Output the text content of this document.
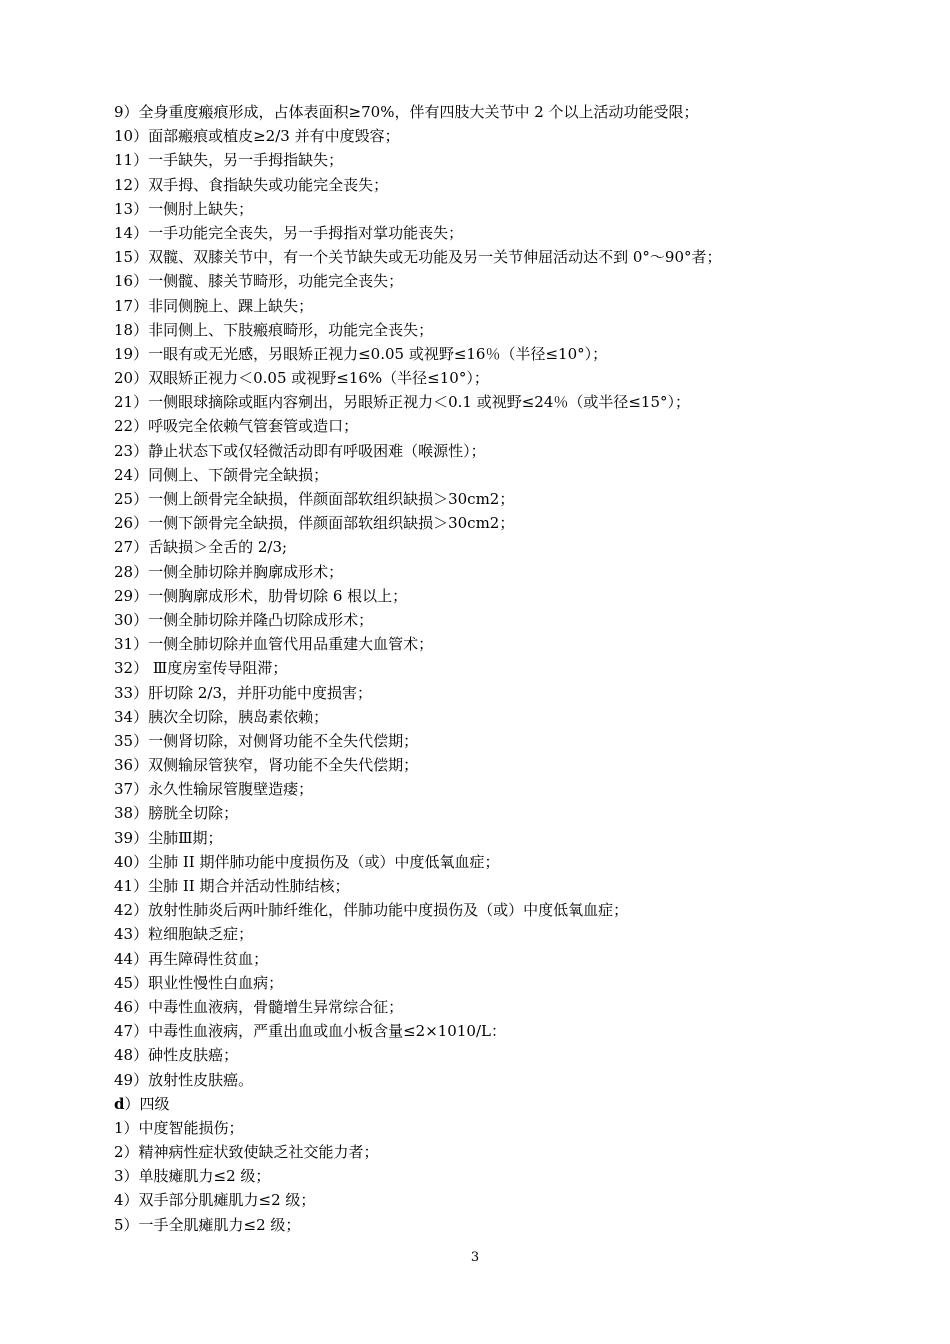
9）全身重度瘢痕形成，占体表面积≥70%，伴有四肢大关节中 2 个以上活动功能受限；
10）面部瘢痕或植皮≥2/3 并有中度毁容；
11）一手缺失，另一手拇指缺失；
12）双手拇、食指缺失或功能完全丧失；
13）一侧肘上缺失；
14）一手功能完全丧失，另一手拇指对掌功能丧失；
15）双髋、双膝关节中，有一个关节缺失或无功能及另一关节伸屈活动达不到 0°～90°者；
16）一侧髋、膝关节畸形，功能完全丧失；
17）非同侧腕上、踝上缺失；
18）非同侧上、下肢瘢痕畸形，功能完全丧失；
19）一眼有或无光感，另眼矫正视力≤0.05 或视野≤16％（半径≤10°）；
20）双眼矫正视力＜0.05 或视野≤16%（半径≤10°）；
21）一侧眼球摘除或眶内容剜出，另眼矫正视力＜0.1 或视野≤24％（或半径≤15°）；
22）呼吸完全依赖气管套管或造口；
23）静止状态下或仅轻微活动即有呼吸困难（喉源性）；
24）同侧上、下颌骨完全缺损；
25）一侧上颌骨完全缺损，伴颜面部软组织缺损＞30cm2；
26）一侧下颌骨完全缺损，伴颜面部软组织缺损＞30cm2；
27）舌缺损＞全舌的 2/3;
28）一侧全肺切除并胸廓成形术；
29）一侧胸廓成形术，肋骨切除 6 根以上；
30）一侧全肺切除并隆凸切除成形术；
31）一侧全肺切除并血管代用品重建大血管术；
32） Ⅲ度房室传导阻滞；
33）肝切除 2/3，并肝功能中度损害；
34）胰次全切除，胰岛素依赖；
35）一侧肾切除，对侧肾功能不全失代偿期；
36）双侧输尿管狭窄，肾功能不全失代偿期；
37）永久性输尿管腹壁造瘘；
38）膀胱全切除；
39）尘肺Ⅲ期；
40）尘肺 II 期伴肺功能中度损伤及（或）中度低氧血症；
41）尘肺 II 期合并活动性肺结核；
42）放射性肺炎后两叶肺纤维化，伴肺功能中度损伤及（或）中度低氧血症；
43）粒细胞缺乏症；
44）再生障碍性贫血；
45）职业性慢性白血病；
46）中毒性血液病，骨髓增生异常综合征；
47）中毒性血液病，严重出血或血小板含量≤2×1010/L：
48）砷性皮肤癌；
49）放射性皮肤癌。
d）四级
1）中度智能损伤；
2）精神病性症状致使缺乏社交能力者；
3）单肢瘫肌力≤2 级；
4）双手部分肌瘫肌力≤2 级；
5）一手全肌瘫肌力≤2 级；
3
